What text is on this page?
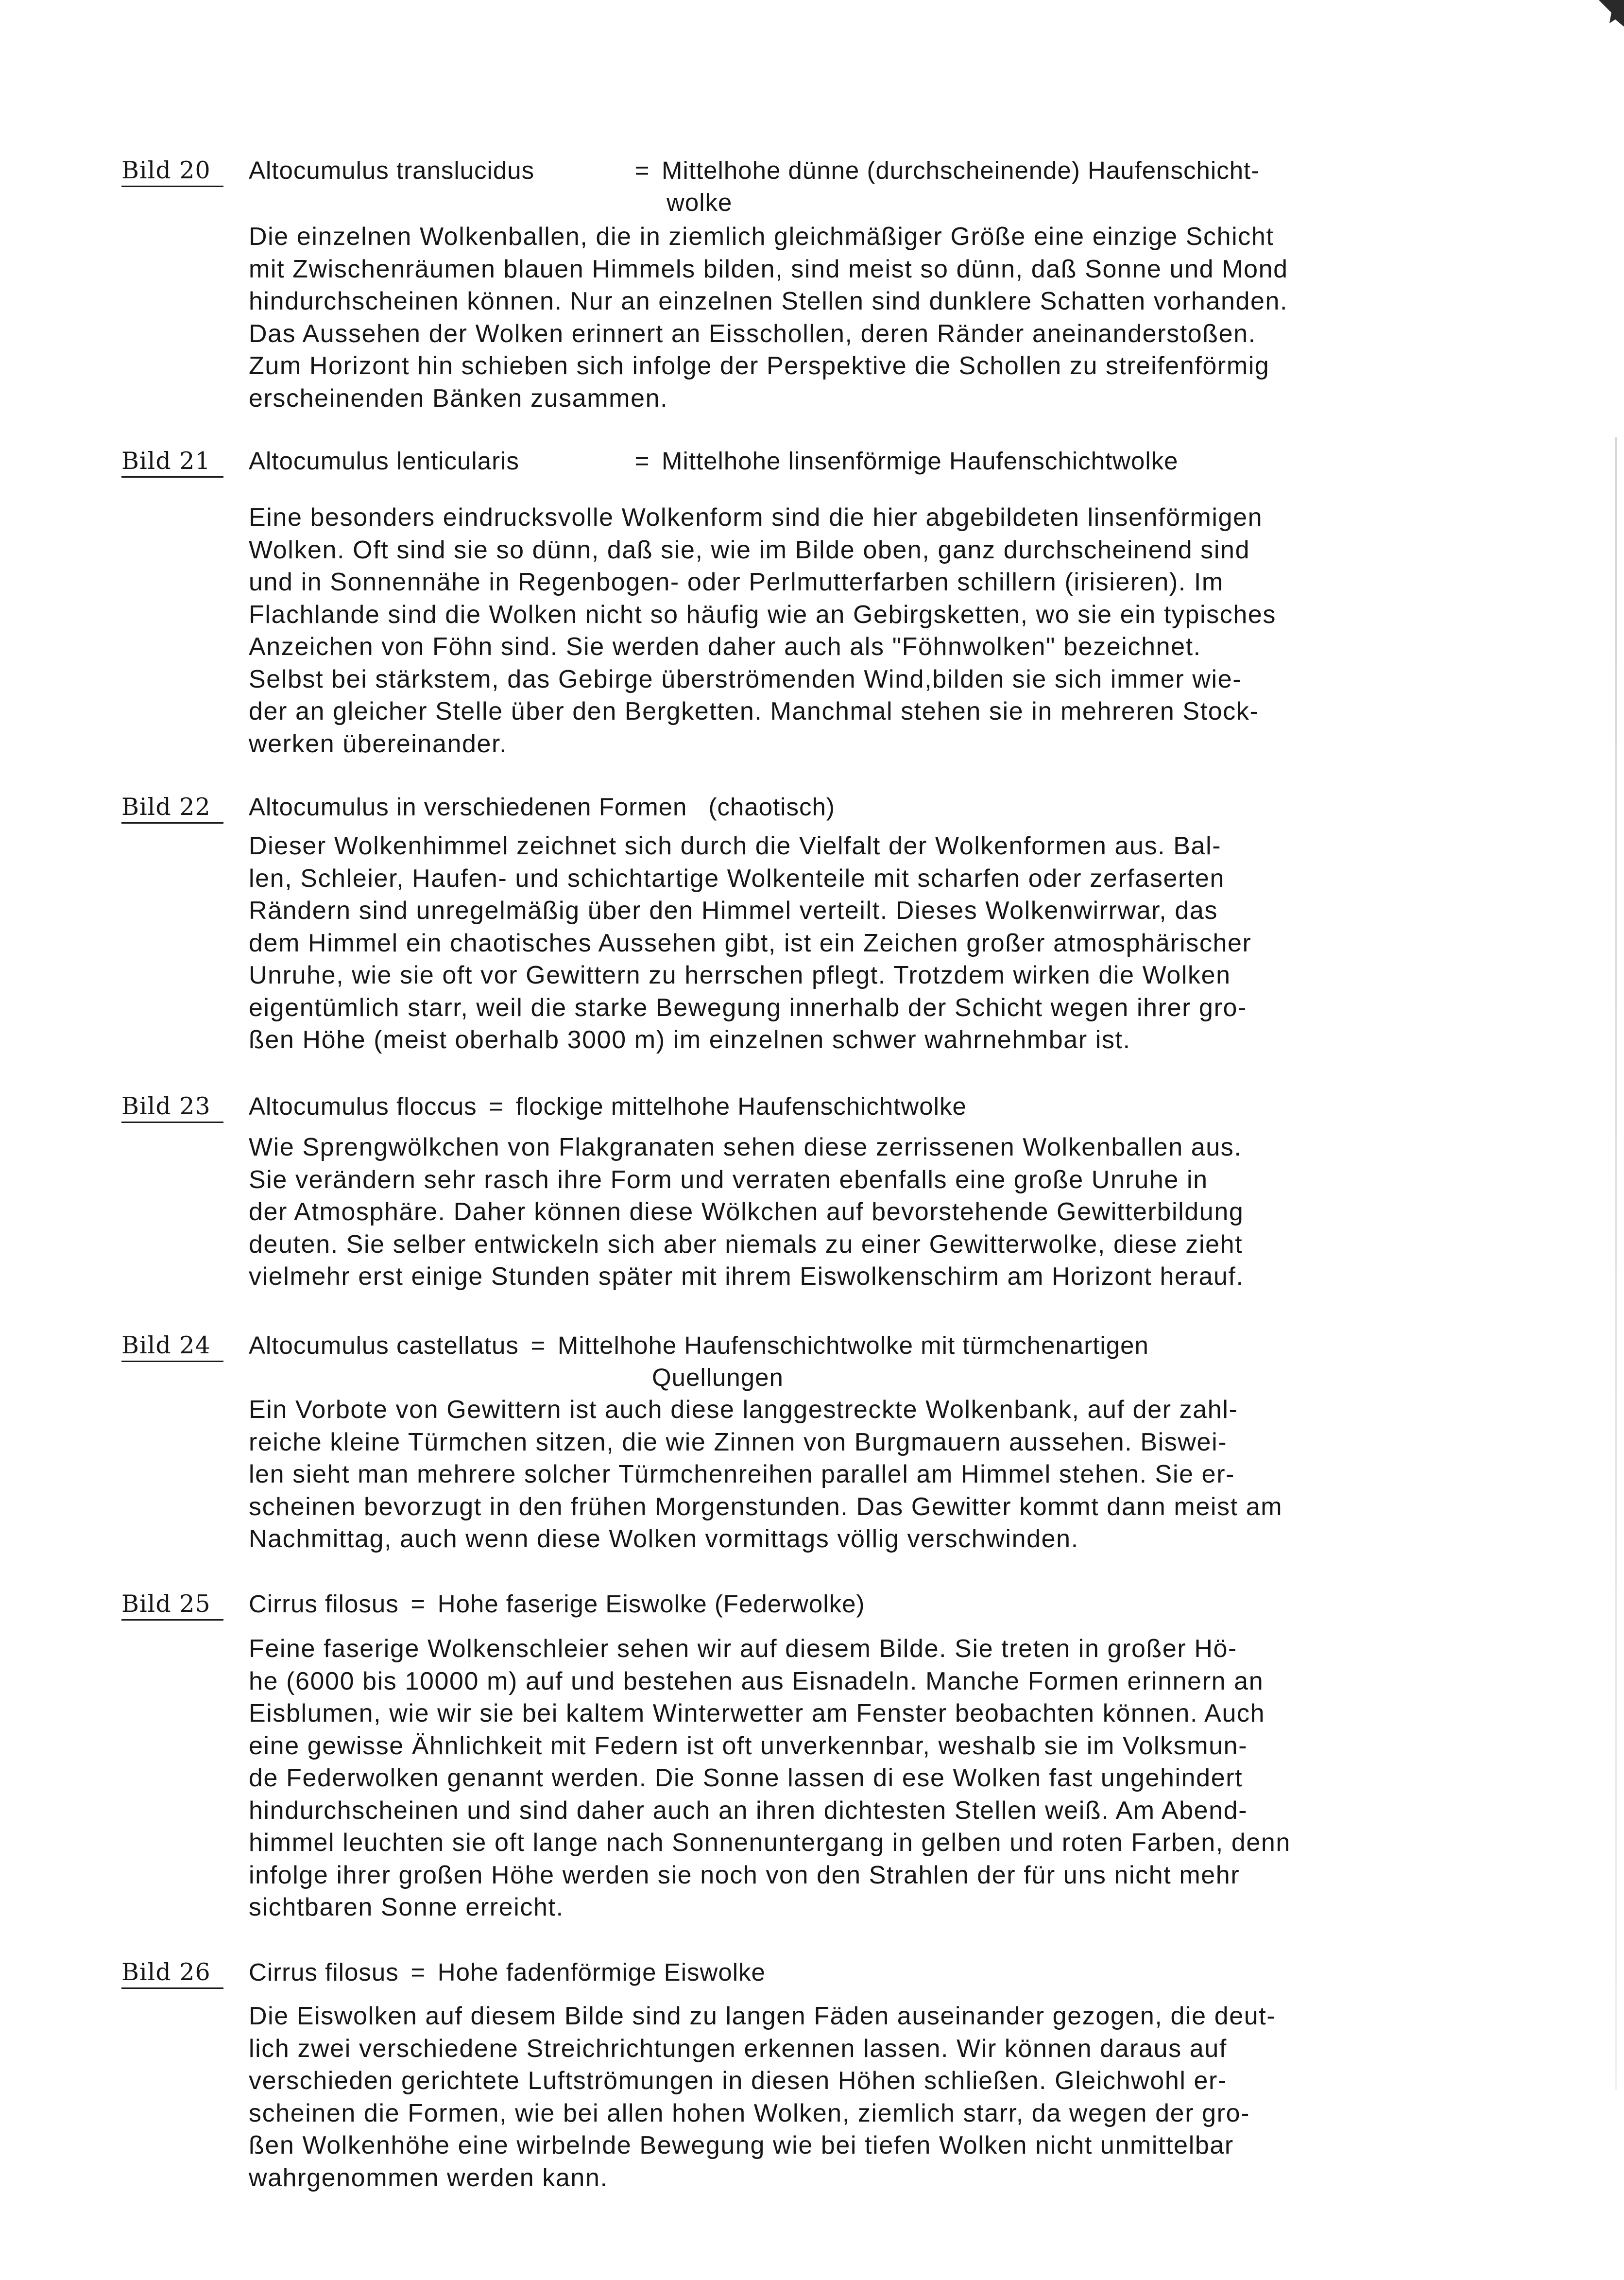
Bild 20	Altocumulus translucidus	= Mittelhohe dünne (durchscheinende) Haufenschicht-
wolke
Die einzelnen Wolkenballen, die in ziemlich gleichmäßiger Größe eine einzige Schicht
mit Zwischenräumen blauen Himmels bilden, sind meist so dünn, daß Sonne und Mond
hindurchscheinen können. Nur an einzelnen Stellen sind dunklere Schatten vorhanden.
Das Aussehen der Wolken erinnert an Eisschollen, deren Ränder aneinanderstoßen.
Zum Horizont hin schieben sich infolge der Perspektive die Schollen zu streifenförmig
erscheinenden Bänken zusammen.
Bild 21	Altocumulus lenticularis	= Mittelhohe linsenförmige Haufenschichtwolke
Eine besonders eindrucksvolle Wolkenform sind die hier abgebildeten linsenförmigen
Wolken. Oft sind sie so dünn, daß sie, wie im Bilde oben, ganz durchscheinend sind
und in Sonnennähe in Regenbogen- oder Perlmutterfarben schillern (irisieren). Im
Flachlande sind die Wolken nicht so häufig wie an Gebirgsketten, wo sie ein typisches
Anzeichen von Föhn sind. Sie werden daher auch als "Föhnwolken" bezeichnet.
Selbst bei stärkstem, das Gebirge überströmenden Wind,bilden sie sich immer wie-
der an gleicher Stelle über den Bergketten. Manchmal stehen sie in mehreren Stock-
werken übereinander.
Bild 22	Altocumulus in verschiedenen Formen (chaotisch)
Dieser Wolkenhimmel zeichnet sich durch die Vielfalt der Wolkenformen aus. Bal-
len, Schleier, Haufen- und schichtartige Wolkenteile mit scharfen oder zerfaserten
Rändern sind unregelmäßig über den Himmel verteilt. Dieses Wolkenwirrwar, das
dem Himmel ein chaotisches Aussehen gibt, ist ein Zeichen großer atmosphärischer
Unruhe, wie sie oft vor Gewittern zu herrschen pflegt. Trotzdem wirken die Wolken
eigentümlich starr, weil die starke Bewegung innerhalb der Schicht wegen ihrer gro-
ßen Höhe (meist oberhalb 3000 m) im einzelnen schwer wahrnehmbar ist.
Bild 23	Altocumulus floccus = flockige mittelhohe Haufenschichtwolke
Wie Sprengwölkchen von Flakgranaten sehen diese zerrissenen Wolkenballen aus.
Sie verändern sehr rasch ihre Form und verraten ebenfalls eine große Unruhe in
der Atmosphäre. Daher können diese Wölkchen auf bevorstehende Gewitterbildung
deuten. Sie selber entwickeln sich aber niemals zu einer Gewitterwolke, diese zieht
vielmehr erst einige Stunden später mit ihrem Eiswolkenschirm am Horizont herauf.
Bild 24	Altocumulus castellatus = Mittelhohe Haufenschichtwolke mit türmchenartigen
Quellungen
Ein Vorbote von Gewittern ist auch diese langgestreckte Wolkenbank, auf der zahl-
reiche kleine Türmchen sitzen, die wie Zinnen von Burgmauern aussehen. Biswei-
len sieht man mehrere solcher Türmchenreihen parallel am Himmel stehen. Sie er-
scheinen bevorzugt in den frühen Morgenstunden. Das Gewitter kommt dann meist am
Nachmittag, auch wenn diese Wolken vormittags völlig verschwinden.
Bild 25	Cirrus filosus = Hohe faserige Eiswolke (Federwolke)
Feine faserige Wolkenschleier sehen wir auf diesem Bilde. Sie treten in großer Hö-
he (6000 bis 10000 m) auf und bestehen aus Eisnadeln. Manche Formen erinnern an
Eisblumen, wie wir sie bei kaltem Winterwetter am Fenster beobachten können. Auch
eine gewisse Ähnlichkeit mit Federn ist oft unverkennbar, weshalb sie im Volksmun-
de Federwolken genannt werden. Die Sonne lassen di ese Wolken fast ungehindert
hindurchscheinen und sind daher auch an ihren dichtesten Stellen weiß. Am Abend-
himmel leuchten sie oft lange nach Sonnenuntergang in gelben und roten Farben, denn
infolge ihrer großen Höhe werden sie noch von den Strahlen der für uns nicht mehr
sichtbaren Sonne erreicht.
Bild 26	Cirrus filosus = Hohe fadenförmige Eiswolke
Die Eiswolken auf diesem Bilde sind zu langen Fäden auseinander gezogen, die deut-
lich zwei verschiedene Streichrichtungen erkennen lassen. Wir können daraus auf
verschieden gerichtete Luftströmungen in diesen Höhen schließen. Gleichwohl er-
scheinen die Formen, wie bei allen hohen Wolken, ziemlich starr, da wegen der gro-
ßen Wolkenhöhe eine wirbelnde Bewegung wie bei tiefen Wolken nicht unmittelbar
wahrgenommen werden kann.
